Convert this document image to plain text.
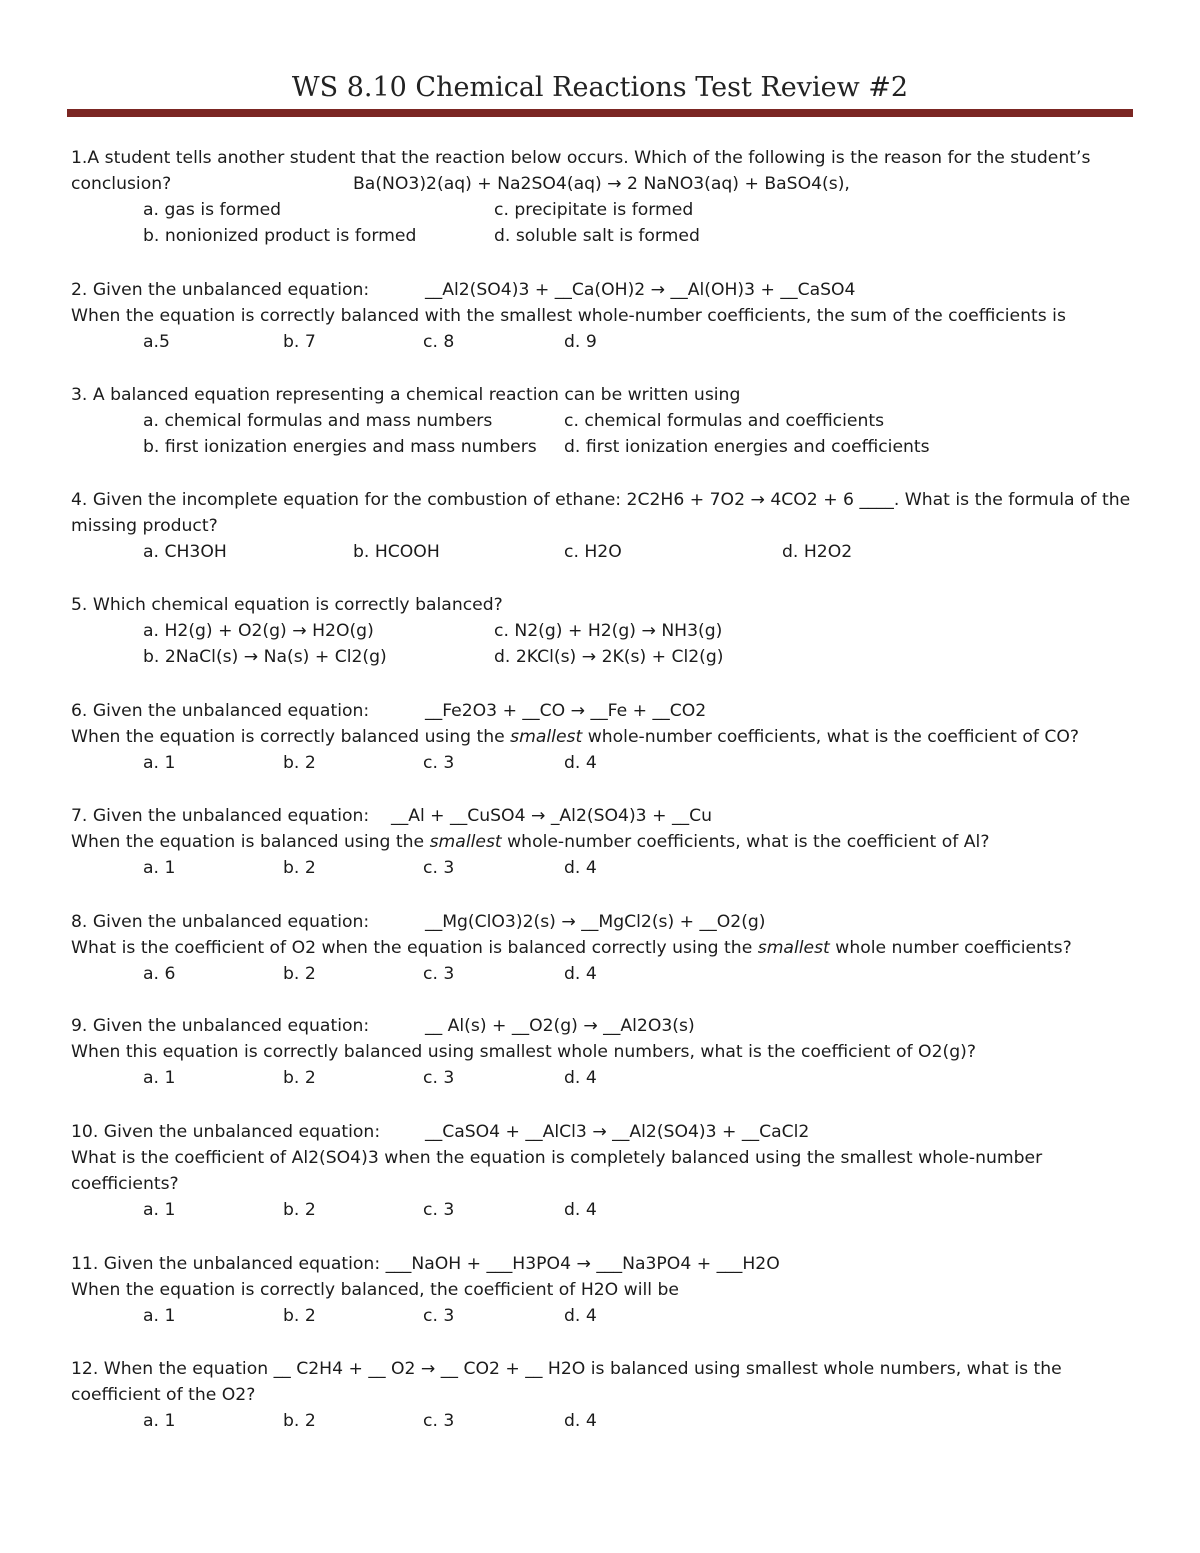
WS 8.10 Chemical Reactions Test Review #2
1.A student tells another student that the reaction below occurs. Which of the following is the reason for the student’s
conclusion?	Ba(NO3)2(aq) + Na2SO4(aq) → 2 NaNO3(aq) + BaSO4(s),
a. gas is formed	c. precipitate is formed
b. nonionized product is formed	d. soluble salt is formed
2. Given the unbalanced equation:	__Al2(SO4)3 + __Ca(OH)2 → __Al(OH)3 + __CaSO4
When the equation is correctly balanced with the smallest whole-number coefficients, the sum of the coefficients is
a.5	b. 7	c. 8	d. 9
3. A balanced equation representing a chemical reaction can be written using
a. chemical formulas and mass numbers	c. chemical formulas and coefficients
b. first ionization energies and mass numbers d. first ionization energies and coefficients
4. Given the incomplete equation for the combustion of ethane: 2C2H6 + 7O2 → 4CO2 + 6 ____. What is the formula of the
missing product?
a. CH3OH	b. HCOOH	c. H2O	d. H2O2
5. Which chemical equation is correctly balanced?
a. H2(g) + O2(g) → H2O(g)	c. N2(g) + H2(g) → NH3(g)
b. 2NaCl(s) → Na(s) + Cl2(g)	d. 2KCl(s) → 2K(s) + Cl2(g)
6. Given the unbalanced equation:	__Fe2O3 + __CO → __Fe + __CO2
When the equation is correctly balanced using the smallest whole-number coefficients, what is the coefficient of CO?
a. 1	b. 2	c. 3	d. 4
7. Given the unbalanced equation: __Al + __CuSO4 → _Al2(SO4)3 + __Cu
When the equation is balanced using the smallest whole-number coefficients, what is the coefficient of Al?
a. 1	b. 2	c. 3	d. 4
8. Given the unbalanced equation:	__Mg(ClO3)2(s) → __MgCl2(s) + __O2(g)
What is the coefficient of O2 when the equation is balanced correctly using the smallest whole number coefficients?
a. 6	b. 2	c. 3	d. 4
9. Given the unbalanced equation:	__ Al(s) + __O2(g) → __Al2O3(s)
When this equation is correctly balanced using smallest whole numbers, what is the coefficient of O2(g)?
a. 1	b. 2	c. 3	d. 4
10. Given the unbalanced equation:	__CaSO4 + __AlCl3 → __Al2(SO4)3 + __CaCl2
What is the coefficient of Al2(SO4)3 when the equation is completely balanced using the smallest whole-number
coefficients?
a. 1	b. 2	c. 3	d. 4
11. Given the unbalanced equation: ___NaOH + ___H3PO4 → ___Na3PO4 + ___H2O
When the equation is correctly balanced, the coefficient of H2O will be
a. 1	b. 2	c. 3	d. 4
12. When the equation __ C2H4 + __ O2 → __ CO2 + __ H2O is balanced using smallest whole numbers, what is the
coefficient of the O2?
a. 1	b. 2	c. 3	d. 4
